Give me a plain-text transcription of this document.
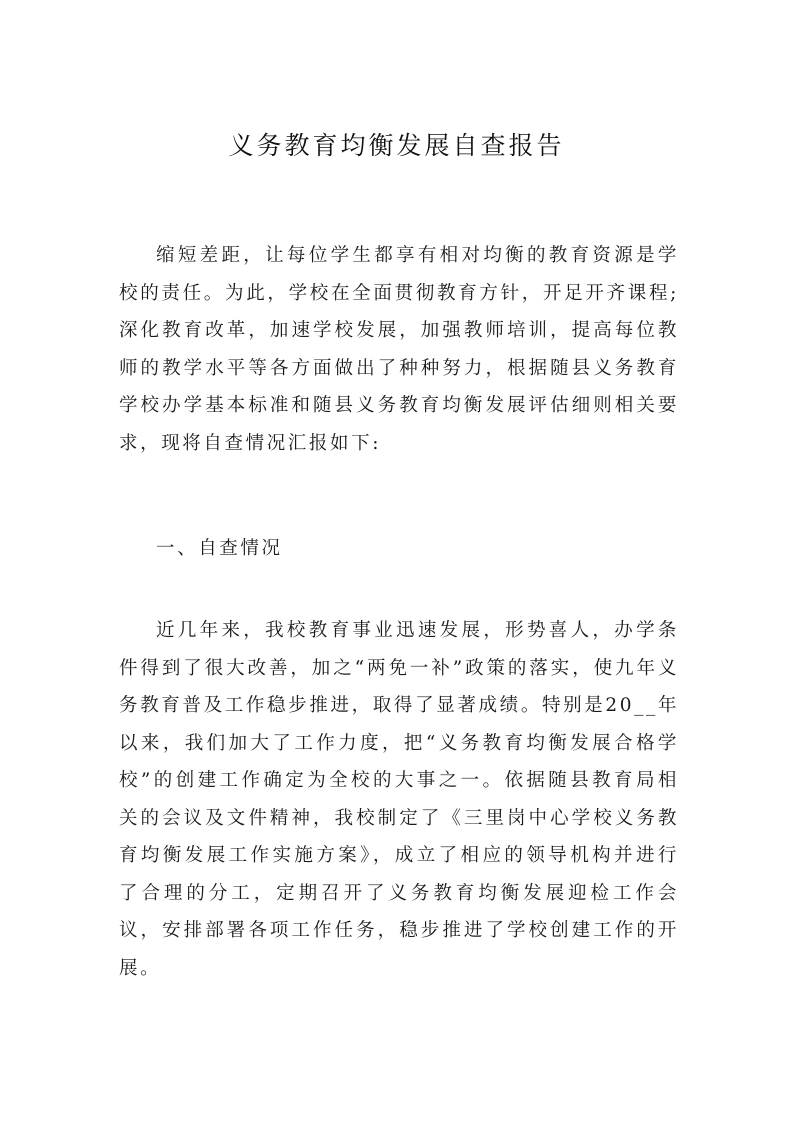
义务教育均衡发展自查报告

缩短差距，让每位学生都享有相对均衡的教育资源是学校的责任。为此，学校在全面贯彻教育方针，开足开齐课程;深化教育改革，加速学校发展，加强教师培训，提高每位教师的教学水平等各方面做出了种种努力，根据随县义务教育学校办学基本标准和随县义务教育均衡发展评估细则相关要求，现将自查情况汇报如下:

一、自查情况

近几年来，我校教育事业迅速发展，形势喜人，办学条件得到了很大改善，加之“两免一补”政策的落实，使九年义务教育普及工作稳步推进，取得了显著成绩。特别是20__年以来，我们加大了工作力度，把“义务教育均衡发展合格学校”的创建工作确定为全校的大事之一。依据随县教育局相关的会议及文件精神，我校制定了《三里岗中心学校义务教育均衡发展工作实施方案》，成立了相应的领导机构并进行了合理的分工，定期召开了义务教育均衡发展迎检工作会议，安排部署各项工作任务，稳步推进了学校创建工作的开展。
